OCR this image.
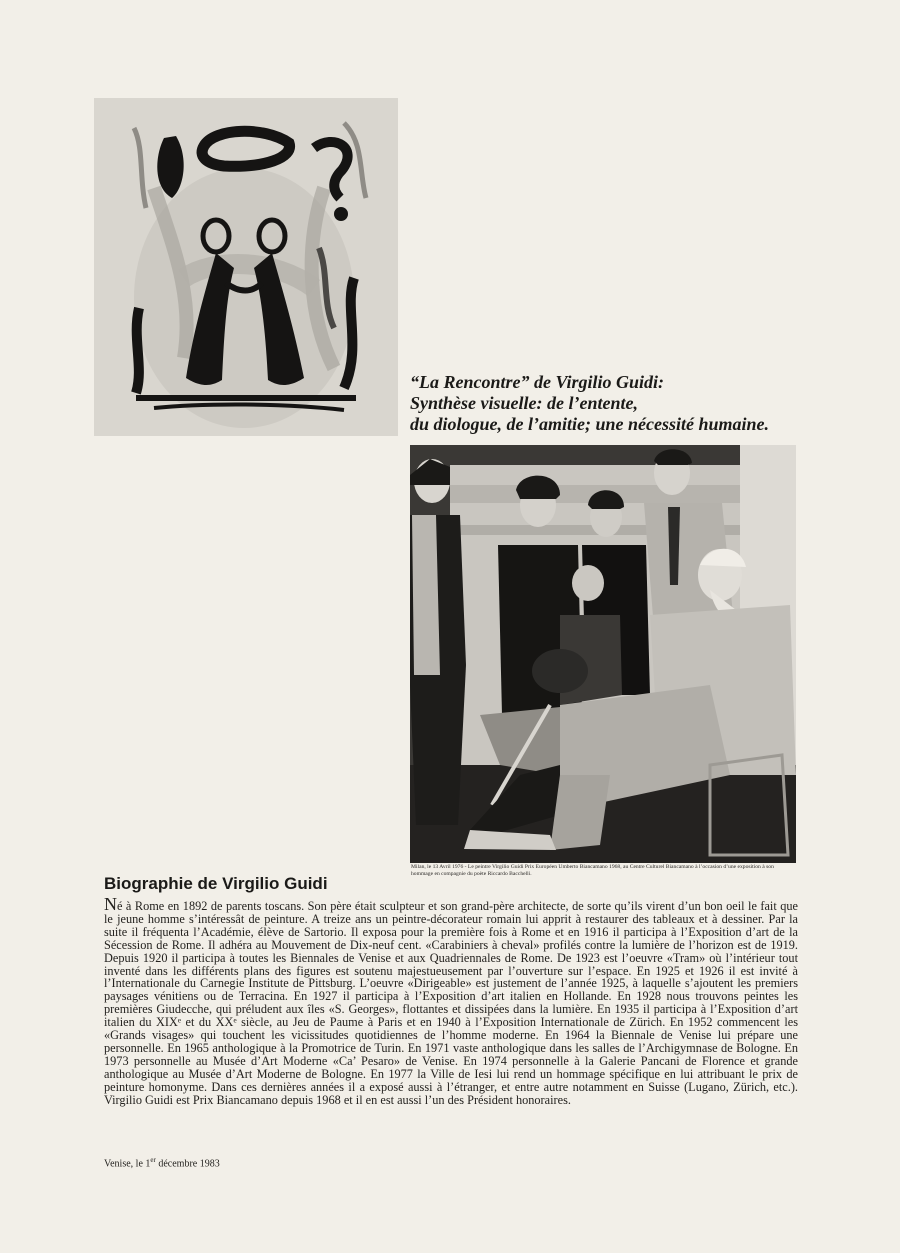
“La Rencontre” de Virgilio Guidi:
Synthèse visuelle: de l’entente,
du diologue, de l’amitie; une nécessité humaine.
Milan, le 13 Avril 1976 - Le peintre Virgilio Guidi Prix Européen Umberto Biancamano 1968, au Centre Culturel Biancamano à l’occasion d’une exposition à son hommage en compagnie du poète Riccardo Bacchelli.
Biographie de Virgilio Guidi
Né à Rome en 1892 de parents toscans. Son père était sculpteur et son grand-père architecte, de sorte qu’ils virent d’un bon oeil le fait que le jeune homme s’intéressât de peinture. A treize ans un peintre-décorateur romain lui apprit à restaurer des tableaux et à dessiner. Par la suite il fréquenta l’Académie, élève de Sartorio. Il exposa pour la première fois à Rome et en 1916 il participa à l’Exposition d’art de la Sécession de Rome. Il adhéra au Mouvement de Dix-neuf cent. «Carabiniers à cheval» profilés contre la lumière de l’horizon est de 1919. Depuis 1920 il participa à toutes les Biennales de Venise et aux Quadriennales de Rome. De 1923 est l’oeuvre «Tram» où l’intérieur tout inventé dans les différents plans des figures est soutenu majestueusement par l’ouverture sur l’espace. En 1925 et 1926 il est invité à l’Internationale du Carnegie Institute de Pittsburg. L’oeuvre «Dirigeable» est justement de l’année 1925, à laquelle s’ajoutent les premiers paysages vénitiens ou de Terracina. En 1927 il participa à l’Exposition d’art italien en Hollande. En 1928 nous trouvons peintes les premières Giudecche, qui préludent aux îles «S. Georges», flottantes et dissipées dans la lumière. En 1935 il participa à l’Exposition d’art italien du XIXᵉ et du XXᵉ siècle, au Jeu de Paume à Paris et en 1940 à l’Exposition Internationale de Zürich. En 1952 commencent les «Grands visages» qui touchent les vicissitudes quotidiennes de l’homme moderne. En 1964 la Biennale de Venise lui prépare une personnelle. En 1965 anthologique à la Promotrice de Turin. En 1971 vaste anthologique dans les salles de l’Archigymnase de Bologne. En 1973 personnelle au Musée d’Art Moderne «Ca’ Pesaro» de Venise. En 1974 personnelle à la Galerie Pancani de Florence et grande anthologique au Musée d’Art Moderne de Bologne. En 1977 la Ville de Iesi lui rend un hommage spécifique en lui attribuant le prix de peinture homonyme. Dans ces dernières années il a exposé aussi à l’étranger, et entre autre notamment en Suisse (Lugano, Zürich, etc.). Virgilio Guidi est Prix Biancamano depuis 1968 et il en est aussi l’un des Président honoraires.
Venise, le 1er décembre 1983
